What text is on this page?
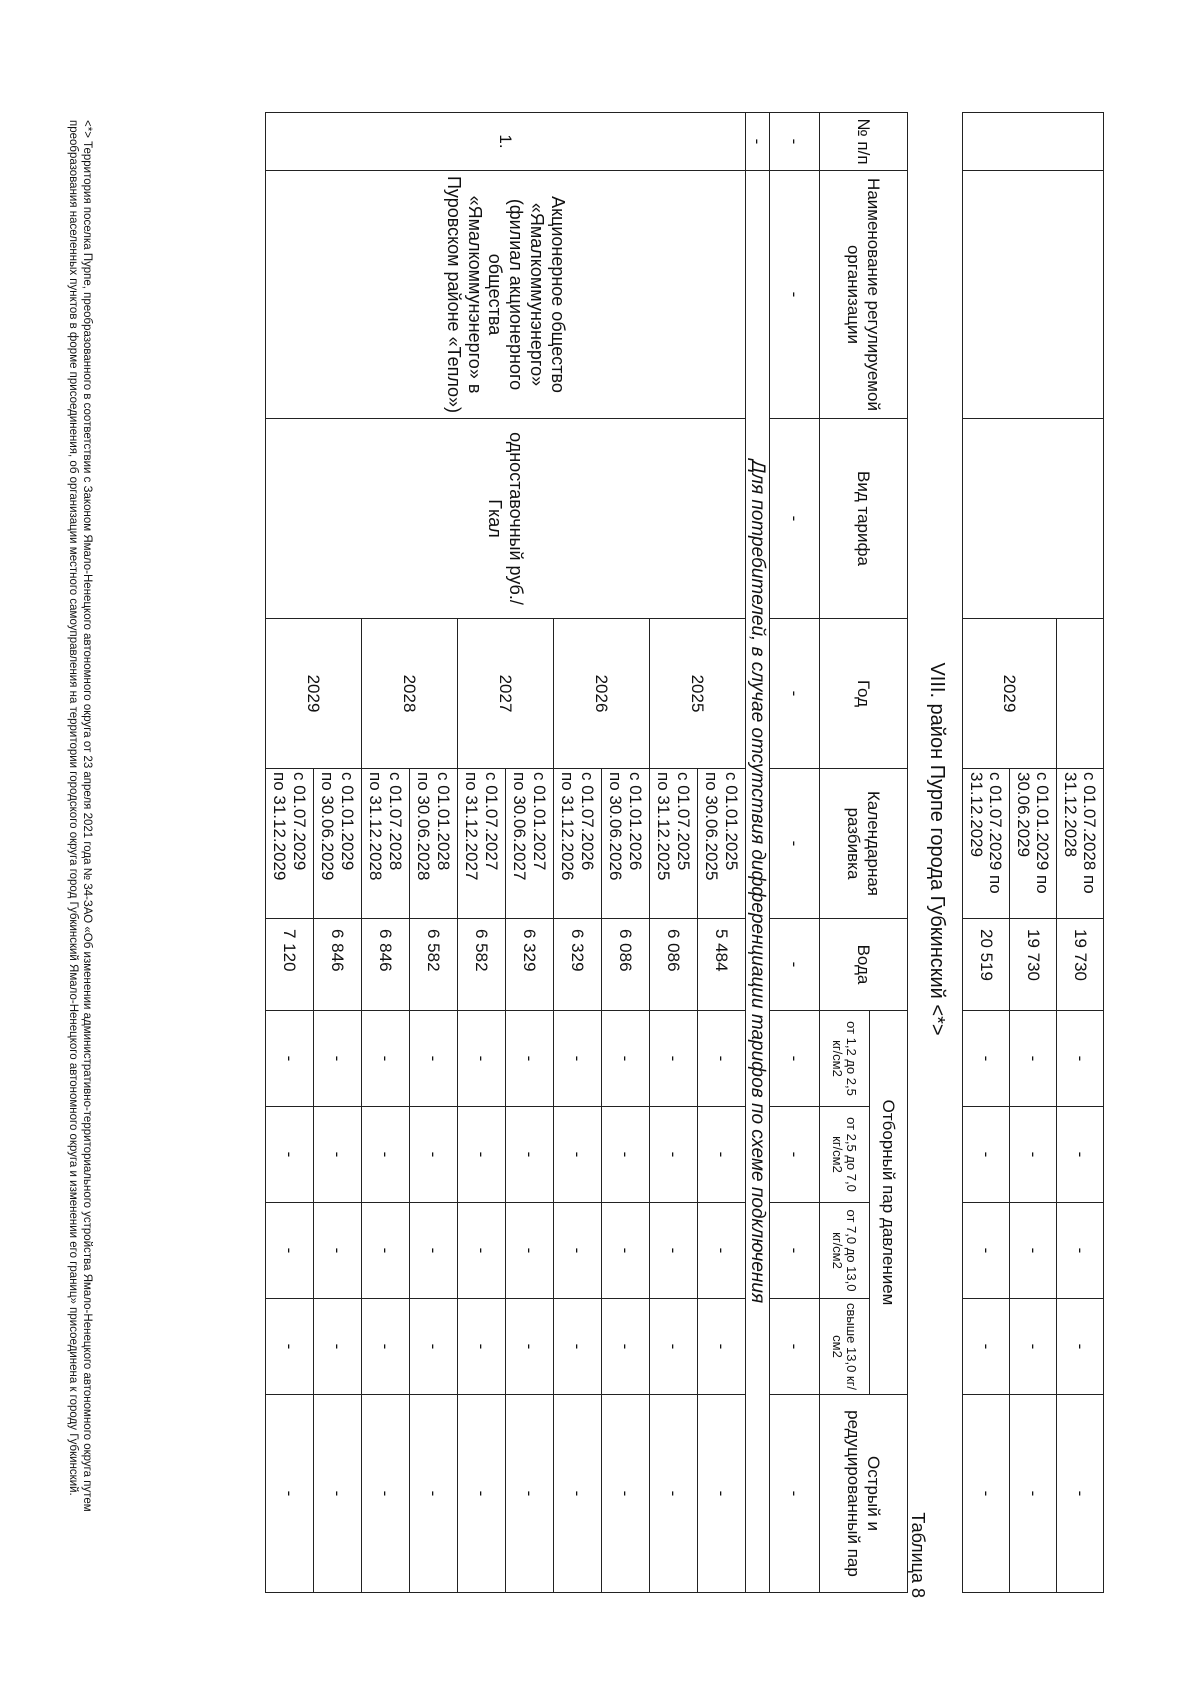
				с 01.07.2028 по 31.12.2028	19 730	-	-	-	-	-
			2029	с 01.01.2029 по 30.06.2029	19 730	-	-	-	-	-
				с 01.07.2029 по 31.12.2029	20 519	-	-	-	-	-
VIII. район Пурпе города Губкинский <*>
Таблица 8
№ п/п	Наименование регулируемой организации	Вид тарифа	Год	Календарная разбивка	Вода	Отборный пар давлением				Острый и редуцированный пар
						от 1,2 до 2,5 кг/см2	от 2,5 до 7,0 кг/см2	от 7,0 до 13,0 кг/см2	свыше 13,0 кг/см2	
-	-	-	-	-	-	-	-	-	-	-
-	Для потребителей, в случае отсутствия дифференциации тарифов по схеме подключения									
1.	Акционерное общество «Ямалкоммунэнерго» (филиал акционерного общества «Ямалкоммунэнерго» в Пуровском районе «Тепло»)	одноставочный руб./Гкал	2025	с 01.01.2025
по 30.06.2025	5 484	-	-	-	-	-

				с 01.07.2025
по 31.12.2025	6 086	-	-	-	-	-
			2026	с 01.01.2026
по 30.06.2026	6 086	-	-	-	-	-

				с 01.07.2026
по 31.12.2026	6 329	-	-	-	-	-
			2027	с 01.01.2027
по 30.06.2027	6 329	-	-	-	-	-

				с 01.07.2027
по 31.12.2027	6 582	-	-	-	-	-
			2028	с 01.01.2028
по 30.06.2028	6 582	-	-	-	-	-

				с 01.07.2028
по 31.12.2028	6 846	-	-	-	-	-
			2029	с 01.01.2029
по 30.06.2029	6 846	-	-	-	-	-

				с 01.07.2029
по 31.12.2029	7 120	-	-	-	-	-
<*> Территория поселка Пурпе, преобразованного в соответствии с Законом Ямало-Ненецкого автономного округа от 23 апреля 2021 года № 34-ЗАО «Об изменении административно-территориального устройства Ямало-Ненецкого автономного округа путем преобразования населенных пунктов в форме присоединения, об организации местного самоуправления на территории городского округа город Губкинский Ямало-Ненецкого автономного округа и изменении его границ» присоединена к городу Губкинский.
